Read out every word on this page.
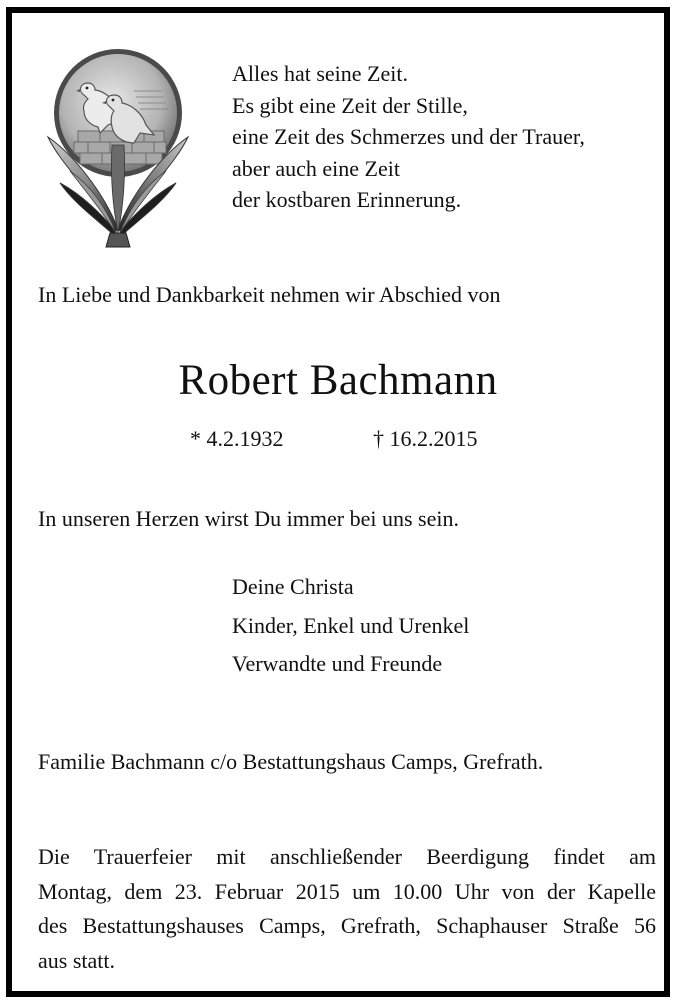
Alles hat seine Zeit.
Es gibt eine Zeit der Stille,
eine Zeit des Schmerzes und der Trauer,
aber auch eine Zeit
der kostbaren Erinnerung.
In Liebe und Dankbarkeit nehmen wir Abschied von
Robert Bachmann
* 4.2.1932	† 16.2.2015
In unseren Herzen wirst Du immer bei uns sein.
Deine Christa
Kinder, Enkel und Urenkel
Verwandte und Freunde
Familie Bachmann c/o Bestattungshaus Camps, Grefrath.
Die Trauerfeier mit anschließender Beerdigung findet am
Montag, dem 23. Februar 2015 um 10.00 Uhr von der Kapelle
des Bestattungshauses Camps, Grefrath, Schaphauser Straße 56
aus statt.
